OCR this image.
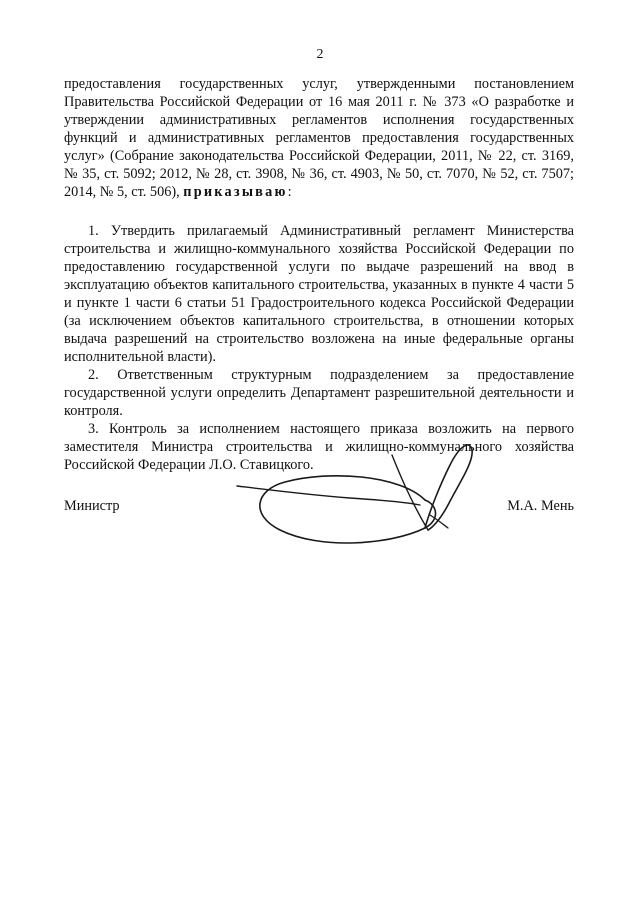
2
предоставления государственных услуг, утвержденными постановлением Правительства Российской Федерации от 16 мая 2011 г. № 373 «О разработке и утверждении административных регламентов исполнения государственных функций и административных регламентов предоставления государственных услуг» (Собрание законодательства Российской Федерации, 2011, № 22, ст. 3169, № 35, ст. 5092; 2012, № 28, ст. 3908, № 36, ст. 4903, № 50, ст. 7070, № 52, ст. 7507; 2014, № 5, ст. 506), приказываю:

1. Утвердить прилагаемый Административный регламент Министерства строительства и жилищно-коммунального хозяйства Российской Федерации по предоставлению государственной услуги по выдаче разрешений на ввод в эксплуатацию объектов капитального строительства, указанных в пункте 4 части 5 и пункте 1 части 6 статьи 51 Градостроительного кодекса Российской Федерации (за исключением объектов капитального строительства, в отношении которых выдача разрешений на строительство возложена на иные федеральные органы исполнительной власти).

2. Ответственным структурным подразделением за предоставление государственной услуги определить Департамент разрешительной деятельности и контроля.

3. Контроль за исполнением настоящего приказа возложить на первого заместителя Министра строительства и жилищно-коммунального хозяйства Российской Федерации Л.О. Ставицкого.

Министр	М.А. Мень
